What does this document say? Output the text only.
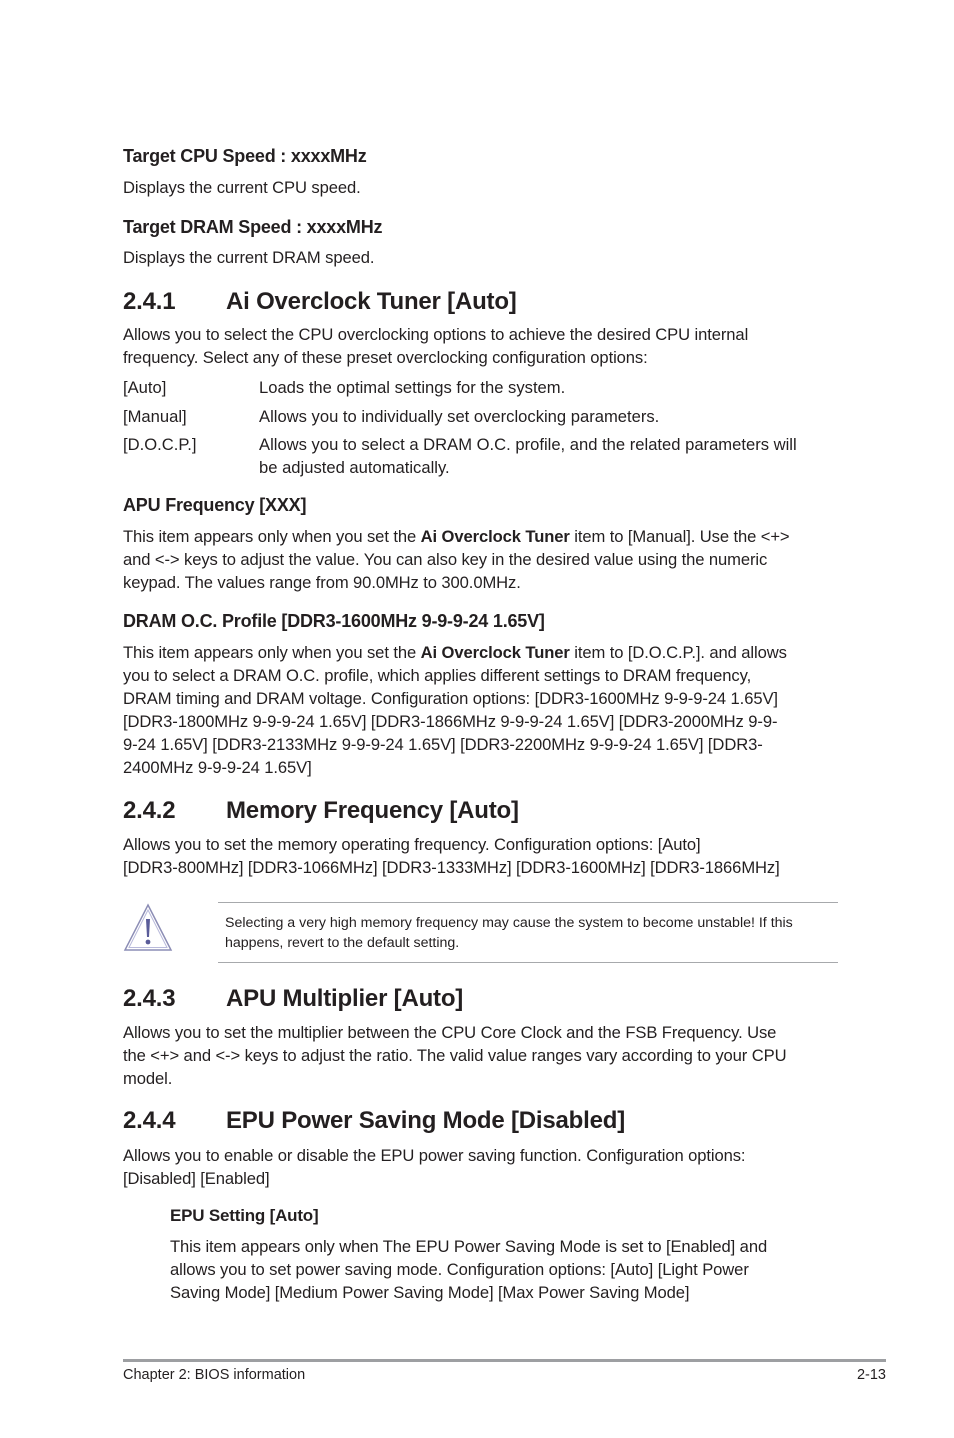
Target CPU Speed : xxxxMHz
Displays the current CPU speed.
Target DRAM Speed : xxxxMHz
Displays the current DRAM speed.
2.4.1 Ai Overclock Tuner [Auto]
Allows you to select the CPU overclocking options to achieve the desired CPU internal
frequency. Select any of these preset overclocking configuration options:
[Auto]	Loads the optimal settings for the system.
[Manual]	Allows you to individually set overclocking parameters.
[D.O.C.P.]	Allows you to select a DRAM O.C. profile, and the related parameters will
be adjusted automatically.
APU Frequency [XXX]
This item appears only when you set the Ai Overclock Tuner item to [Manual]. Use the <+>
and <-> keys to adjust the value. You can also key in the desired value using the numeric
keypad. The values range from 90.0MHz to 300.0MHz.
DRAM O.C. Profile [DDR3-1600MHz 9-9-9-24 1.65V]
This item appears only when you set the Ai Overclock Tuner item to [D.O.C.P.]. and allows
you to select a DRAM O.C. profile, which applies different settings to DRAM frequency,
DRAM timing and DRAM voltage. Configuration options: [DDR3-1600MHz 9-9-9-24 1.65V]
[DDR3-1800MHz 9-9-9-24 1.65V] [DDR3-1866MHz 9-9-9-24 1.65V] [DDR3-2000MHz 9-9-
9-24 1.65V] [DDR3-2133MHz 9-9-9-24 1.65V] [DDR3-2200MHz 9-9-9-24 1.65V] [DDR3-
2400MHz 9-9-9-24 1.65V]
2.4.2 Memory Frequency [Auto]
Allows you to set the memory operating frequency. Configuration options: [Auto]
[DDR3-800MHz] [DDR3-1066MHz] [DDR3-1333MHz] [DDR3-1600MHz] [DDR3-1866MHz]
Selecting a very high memory frequency may cause the system to become unstable! If this
happens, revert to the default setting.
2.4.3 APU Multiplier [Auto]
Allows you to set the multiplier between the CPU Core Clock and the FSB Frequency. Use
the <+> and <-> keys to adjust the ratio. The valid value ranges vary according to your CPU
model.
2.4.4 EPU Power Saving Mode [Disabled]
Allows you to enable or disable the EPU power saving function. Configuration options:
[Disabled] [Enabled]
EPU Setting [Auto]
This item appears only when The EPU Power Saving Mode is set to [Enabled] and
allows you to set power saving mode. Configuration options: [Auto] [Light Power
Saving Mode] [Medium Power Saving Mode] [Max Power Saving Mode]
Chapter 2: BIOS information	2-13
